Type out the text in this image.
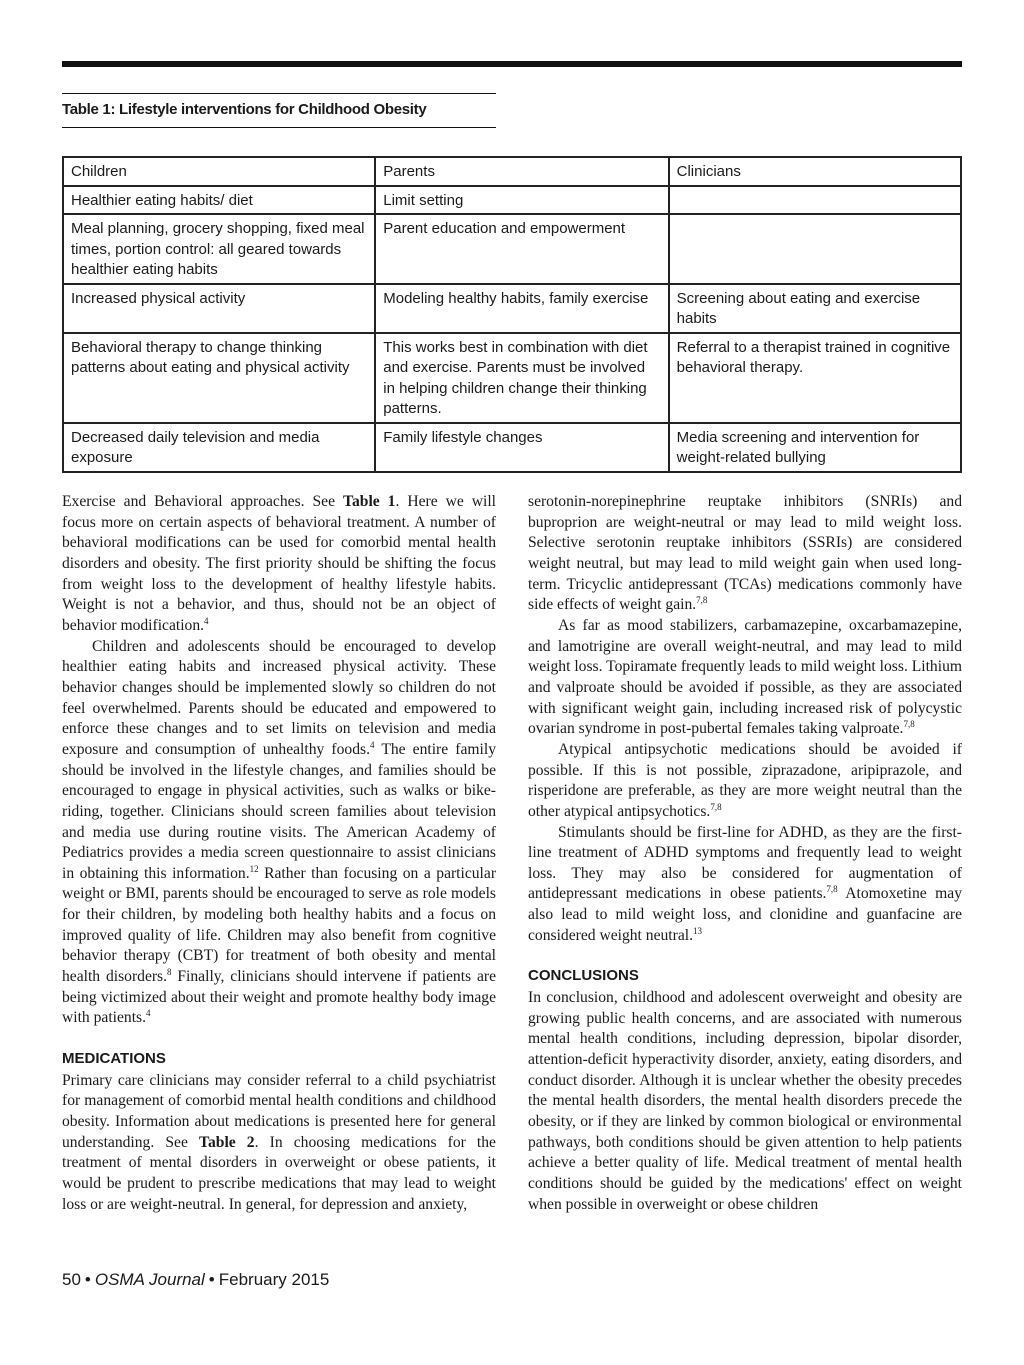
Table 1: Lifestyle interventions for Childhood Obesity
Children	Parents	Clinicians
Healthier eating habits/ diet	Limit setting	
Meal planning, grocery shopping, fixed meal times, portion control: all geared towards healthier eating habits	Parent education and empowerment	
Increased physical activity	Modeling healthy habits, family exercise	Screening about eating and exercise habits
Behavioral therapy to change thinking patterns about eating and physical activity	This works best in combination with diet and exercise. Parents must be involved in helping children change their thinking patterns.	Referral to a therapist trained in cognitive behavioral therapy.
Decreased daily television and media exposure	Family lifestyle changes	Media screening and intervention for weight-related bullying

Exercise and Behavioral approaches. See Table 1. Here we will focus more on certain aspects of behavioral treatment. A number of behavioral modifications can be used for comorbid mental health disorders and obesity. The first priority should be shifting the focus from weight loss to the development of healthy lifestyle habits. Weight is not a behavior, and thus, should not be an object of behavior modification.$^4$

Children and adolescents should be encouraged to develop healthier eating habits and increased physical activity. These behavior changes should be implemented slowly so children do not feel overwhelmed. Parents should be educated and empowered to enforce these changes and to set limits on television and media exposure and consumption of unhealthy foods.$^4$ The entire family should be involved in the lifestyle changes, and families should be encouraged to engage in physical activities, such as walks or bike-riding, together. Clinicians should screen families about television and media use during routine visits. The American Academy of Pediatrics provides a media screen questionnaire to assist clinicians in obtaining this information.$^{12}$ Rather than focusing on a particular weight or BMI, parents should be encouraged to serve as role models for their children, by modeling both healthy habits and a focus on improved quality of life. Children may also benefit from cognitive behavior therapy (CBT) for treatment of both obesity and mental health disorders.$^8$ Finally, clinicians should intervene if patients are being victimized about their weight and promote healthy body image with patients.$^4$

MEDICATIONS

Primary care clinicians may consider referral to a child psychiatrist for management of comorbid mental health conditions and childhood obesity. Information about medications is presented here for general understanding. See Table 2. In choosing medications for the treatment of mental disorders in overweight or obese patients, it would be prudent to prescribe medications that may lead to weight loss or are weight-neutral. In general, for depression and anxiety,

serotonin-norepinephrine reuptake inhibitors (SNRIs) and buproprion are weight-neutral or may lead to mild weight loss. Selective serotonin reuptake inhibitors (SSRIs) are considered weight neutral, but may lead to mild weight gain when used long-term. Tricyclic antidepressant (TCAs) medications commonly have side effects of weight gain.$^{7,8}$

As far as mood stabilizers, carbamazepine, oxcarbamazepine, and lamotrigine are overall weight-neutral, and may lead to mild weight loss. Topiramate frequently leads to mild weight loss. Lithium and valproate should be avoided if possible, as they are associated with significant weight gain, including increased risk of polycystic ovarian syndrome in post-pubertal females taking valproate.$^{7,8}$

Atypical antipsychotic medications should be avoided if possible. If this is not possible, ziprazadone, aripiprazole, and risperidone are preferable, as they are more weight neutral than the other atypical antipsychotics.$^{7,8}$

Stimulants should be first-line for ADHD, as they are the first-line treatment of ADHD symptoms and frequently lead to weight loss. They may also be considered for augmentation of antidepressant medications in obese patients.$^{7,8}$ Atomoxetine may also lead to mild weight loss, and clonidine and guanfacine are considered weight neutral.$^{13}$

CONCLUSIONS

In conclusion, childhood and adolescent overweight and obesity are growing public health concerns, and are associated with numerous mental health conditions, including depression, bipolar disorder, attention-deficit hyperactivity disorder, anxiety, eating disorders, and conduct disorder. Although it is unclear whether the obesity precedes the mental health disorders, the mental health disorders precede the obesity, or if they are linked by common biological or environmental pathways, both conditions should be given attention to help patients achieve a better quality of life. Medical treatment of mental health conditions should be guided by the medications' effect on weight when possible in overweight or obese children

50 • OSMA Journal • February 2015
